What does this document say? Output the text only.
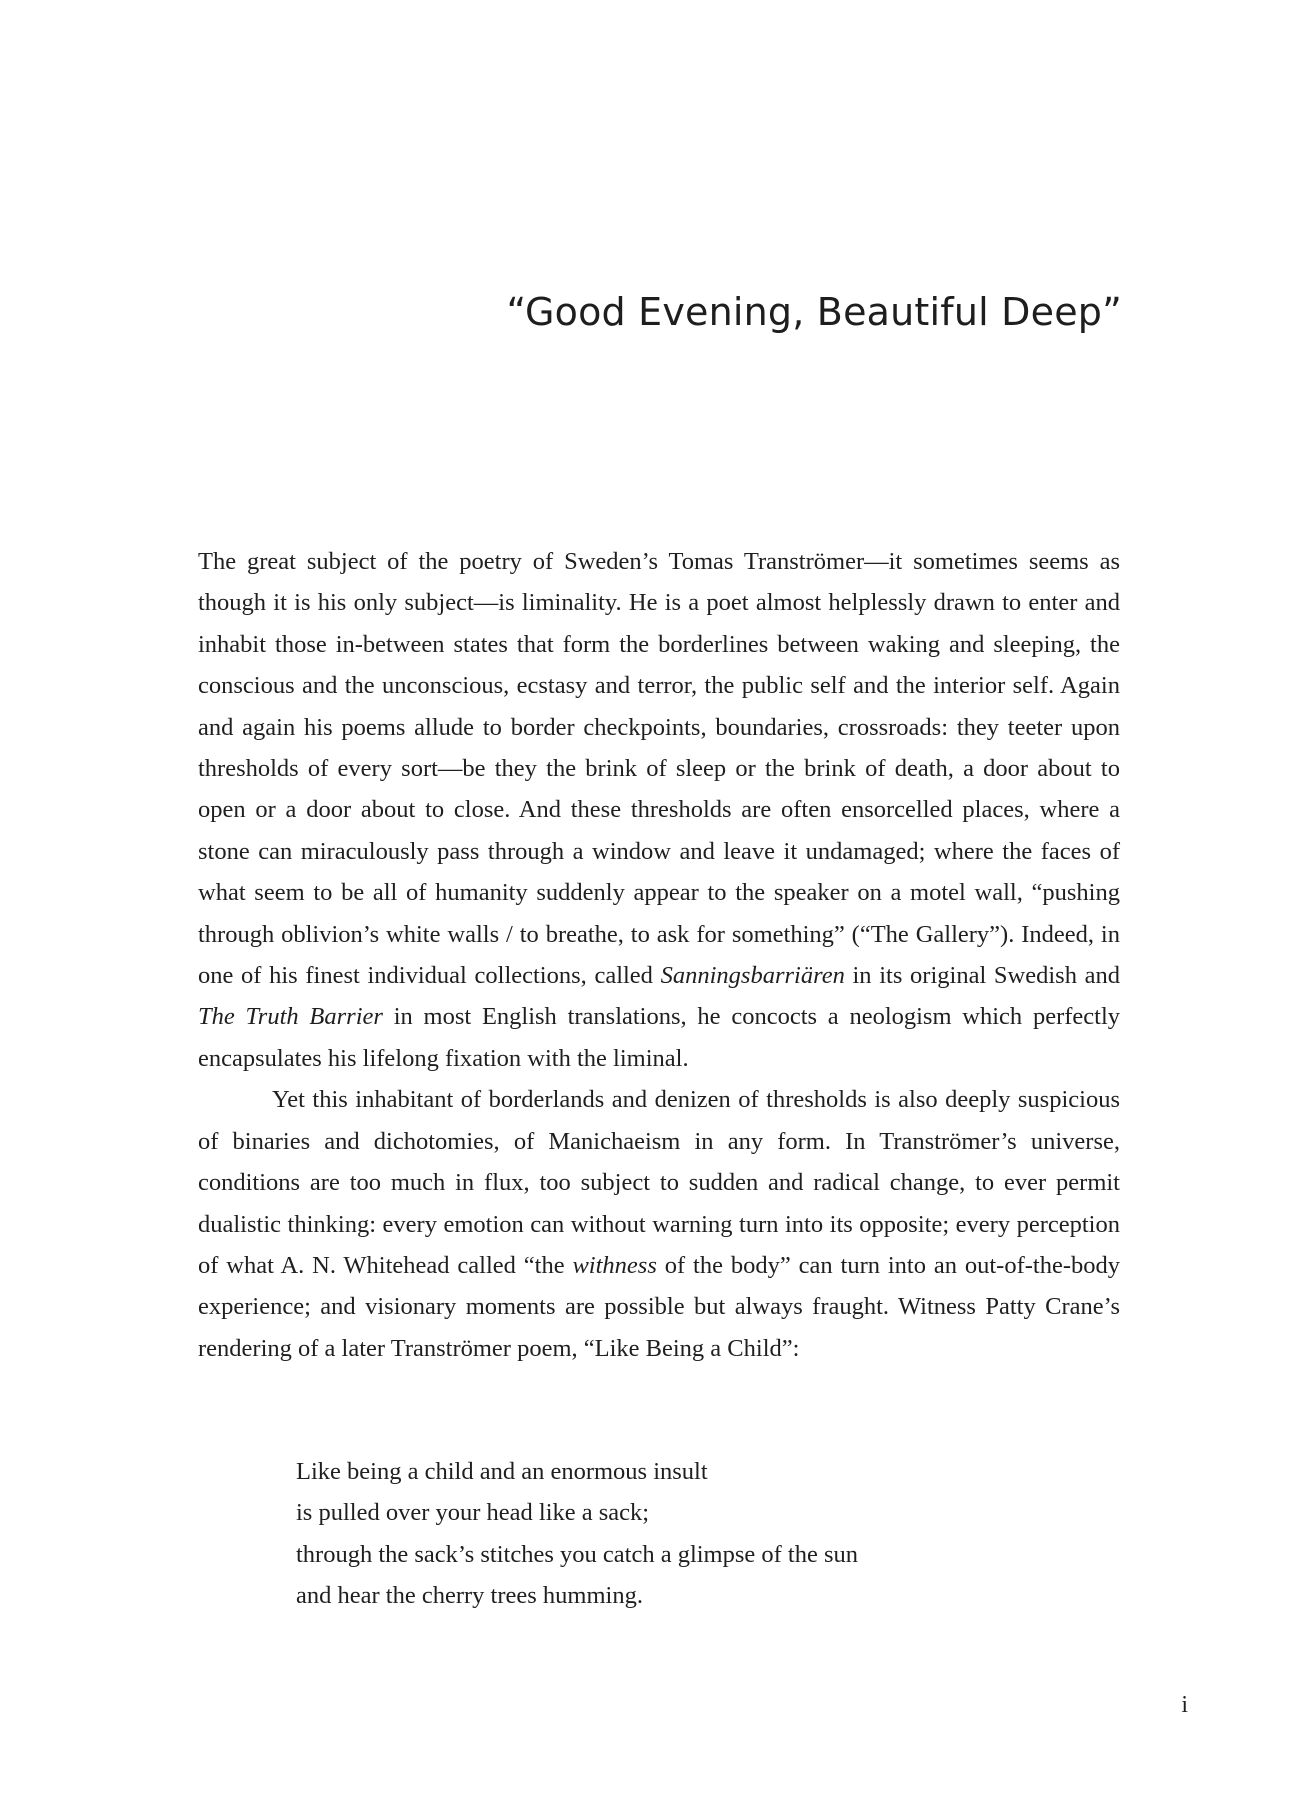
“Good Evening, Beautiful Deep”

The great subject of the poetry of Sweden’s Tomas Tranströmer—it sometimes seems as though it is his only subject—is liminality. He is a poet almost helplessly drawn to enter and inhabit those in-between states that form the borderlines between waking and sleeping, the conscious and the unconscious, ecstasy and terror, the public self and the interior self. Again and again his poems allude to border checkpoints, boundaries, crossroads: they teeter upon thresholds of every sort—be they the brink of sleep or the brink of death, a door about to open or a door about to close. And these thresholds are often ensorcelled places, where a stone can miraculously pass through a window and leave it undamaged; where the faces of what seem to be all of humanity suddenly appear to the speaker on a motel wall, “pushing through oblivion’s white walls / to breathe, to ask for something” (“The Gallery”). Indeed, in one of his finest individual collections, called Sanningsbarriären in its original Swedish and The Truth Barrier in most English translations, he concocts a neologism which perfectly encapsulates his lifelong fixation with the liminal.

Yet this inhabitant of borderlands and denizen of thresholds is also deeply suspicious of binaries and dichotomies, of Manichaeism in any form. In Tranströmer’s universe, conditions are too much in flux, too subject to sudden and radical change, to ever permit dualistic thinking: every emotion can without warning turn into its opposite; every perception of what A. N. Whitehead called “the withness of the body” can turn into an out-of-the-body experience; and visionary moments are possible but always fraught. Witness Patty Crane’s rendering of a later Tranströmer poem, “Like Being a Child”:

Like being a child and an enormous insult
is pulled over your head like a sack;
through the sack’s stitches you catch a glimpse of the sun
and hear the cherry trees humming.
i
